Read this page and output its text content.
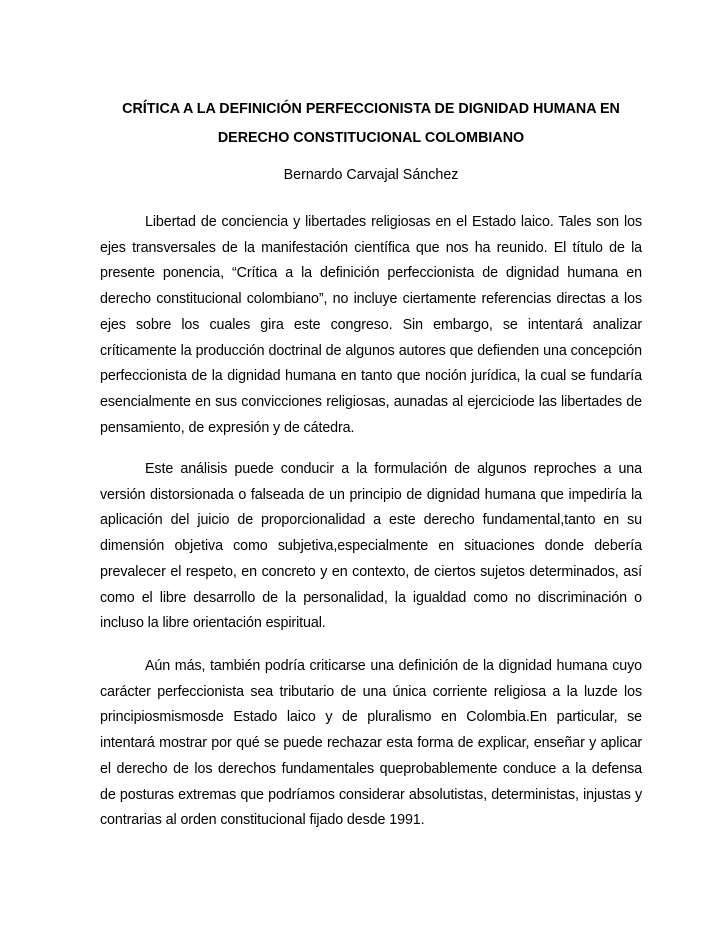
CRÍTICA A LA DEFINICIÓN PERFECCIONISTA DE DIGNIDAD HUMANA EN DERECHO CONSTITUCIONAL COLOMBIANO

Bernardo Carvajal Sánchez

Libertad de conciencia y libertades religiosas en el Estado laico. Tales son los ejes transversales de la manifestación científica que nos ha reunido. El título de la presente ponencia, “Crítica a la definición perfeccionista de dignidad humana en derecho constitucional colombiano”, no incluye ciertamente referencias directas a los ejes sobre los cuales gira este congreso. Sin embargo, se intentará analizar críticamente la producción doctrinal de algunos autores que defienden una concepción perfeccionista de la dignidad humana en tanto que noción jurídica, la cual se fundaría esencialmente en sus convicciones religiosas, aunadas al ejerciciode las libertades de pensamiento, de expresión y de cátedra.

Este análisis puede conducir a la formulación de algunos reproches a una versión distorsionada o falseada de un principio de dignidad humana que impediría la aplicación del juicio de proporcionalidad a este derecho fundamental,tanto en su dimensión objetiva como subjetiva,especialmente en situaciones donde debería prevalecer el respeto, en concreto y en contexto, de ciertos sujetos determinados, así como el libre desarrollo de la personalidad, la igualdad como no discriminación o incluso la libre orientación espiritual.

Aún más, también podría criticarse una definición de la dignidad humana cuyo carácter perfeccionista sea tributario de una única corriente religiosa a la luzde los principiosmismosde Estado laico y de pluralismo en Colombia.En particular, se intentará mostrar por qué se puede rechazar esta forma de explicar, enseñar y aplicar el derecho de los derechos fundamentales queprobablemente conduce a la defensa de posturas extremas que podríamos considerar absolutistas, deterministas, injustas y contrarias al orden constitucional fijado desde 1991.
